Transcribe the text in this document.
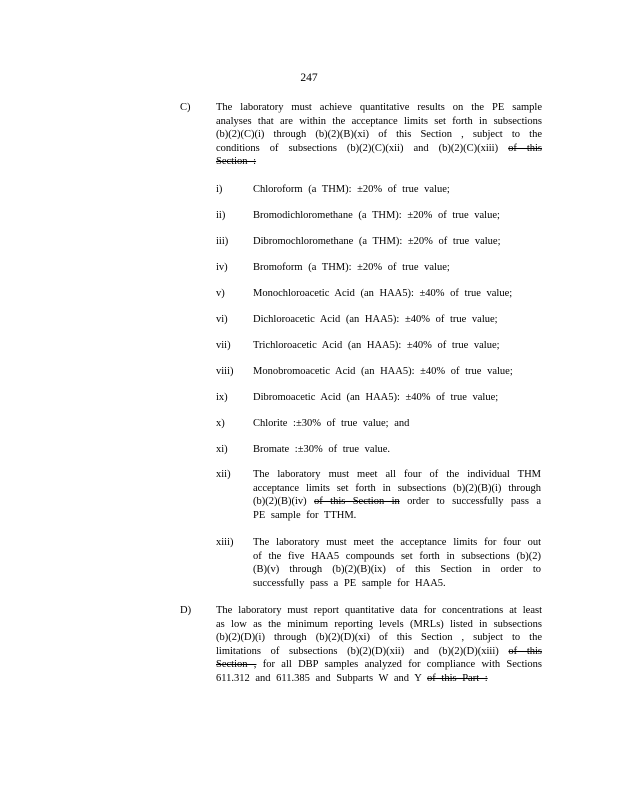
247
C) The laboratory must achieve quantitative results on the PE sample analyses that are within the acceptance limits set forth in subsections (b)(2)(C)(i) through (b)(2)(B)(xi) of this Section , subject to the conditions of subsections (b)(2)(C)(xii) and (b)(2)(C)(xiii) of this Section :
i)	Chloroform (a THM): ±20% of true value;
ii)	Bromodichloromethane (a THM): ±20% of true value;
iii) Dibromochloromethane (a THM): ±20% of true value;
iv) Bromoform (a THM): ±20% of true value;
v)	Monochloroacetic Acid (an HAA5): ±40% of true value;
vi) Dichloroacetic Acid (an HAA5): ±40% of true value;
vii) Trichloroacetic Acid (an HAA5): ±40% of true value;
viii) Monobromoacetic Acid (an HAA5): ±40% of true value;
ix) Dibromoacetic Acid (an HAA5): ±40% of true value;
x)	Chlorite :±30% of true value; and
xi) Bromate :±30% of true value.
xii) The laboratory must meet all four of the individual THM acceptance limits set forth in subsections (b)(2)(B)(i) through (b)(2)(B)(iv) of this Section in order to successfully pass a PE sample for TTHM.
xiii) The laboratory must meet the acceptance limits for four out of the five HAA5 compounds set forth in subsections (b)(2)(B)(v) through (b)(2)(B)(ix) of this Section in order to successfully pass a PE sample for HAA5.
D) The laboratory must report quantitative data for concentrations at least as low as the minimum reporting levels (MRLs) listed in subsections (b)(2)(D)(i) through (b)(2)(D)(xi) of this Section , subject to the limitations of subsections (b)(2)(D)(xii) and (b)(2)(D)(xiii) of this Section , for all DBP samples analyzed for compliance with Sections 611.312 and 611.385 and Subparts W and Y of this Part :
